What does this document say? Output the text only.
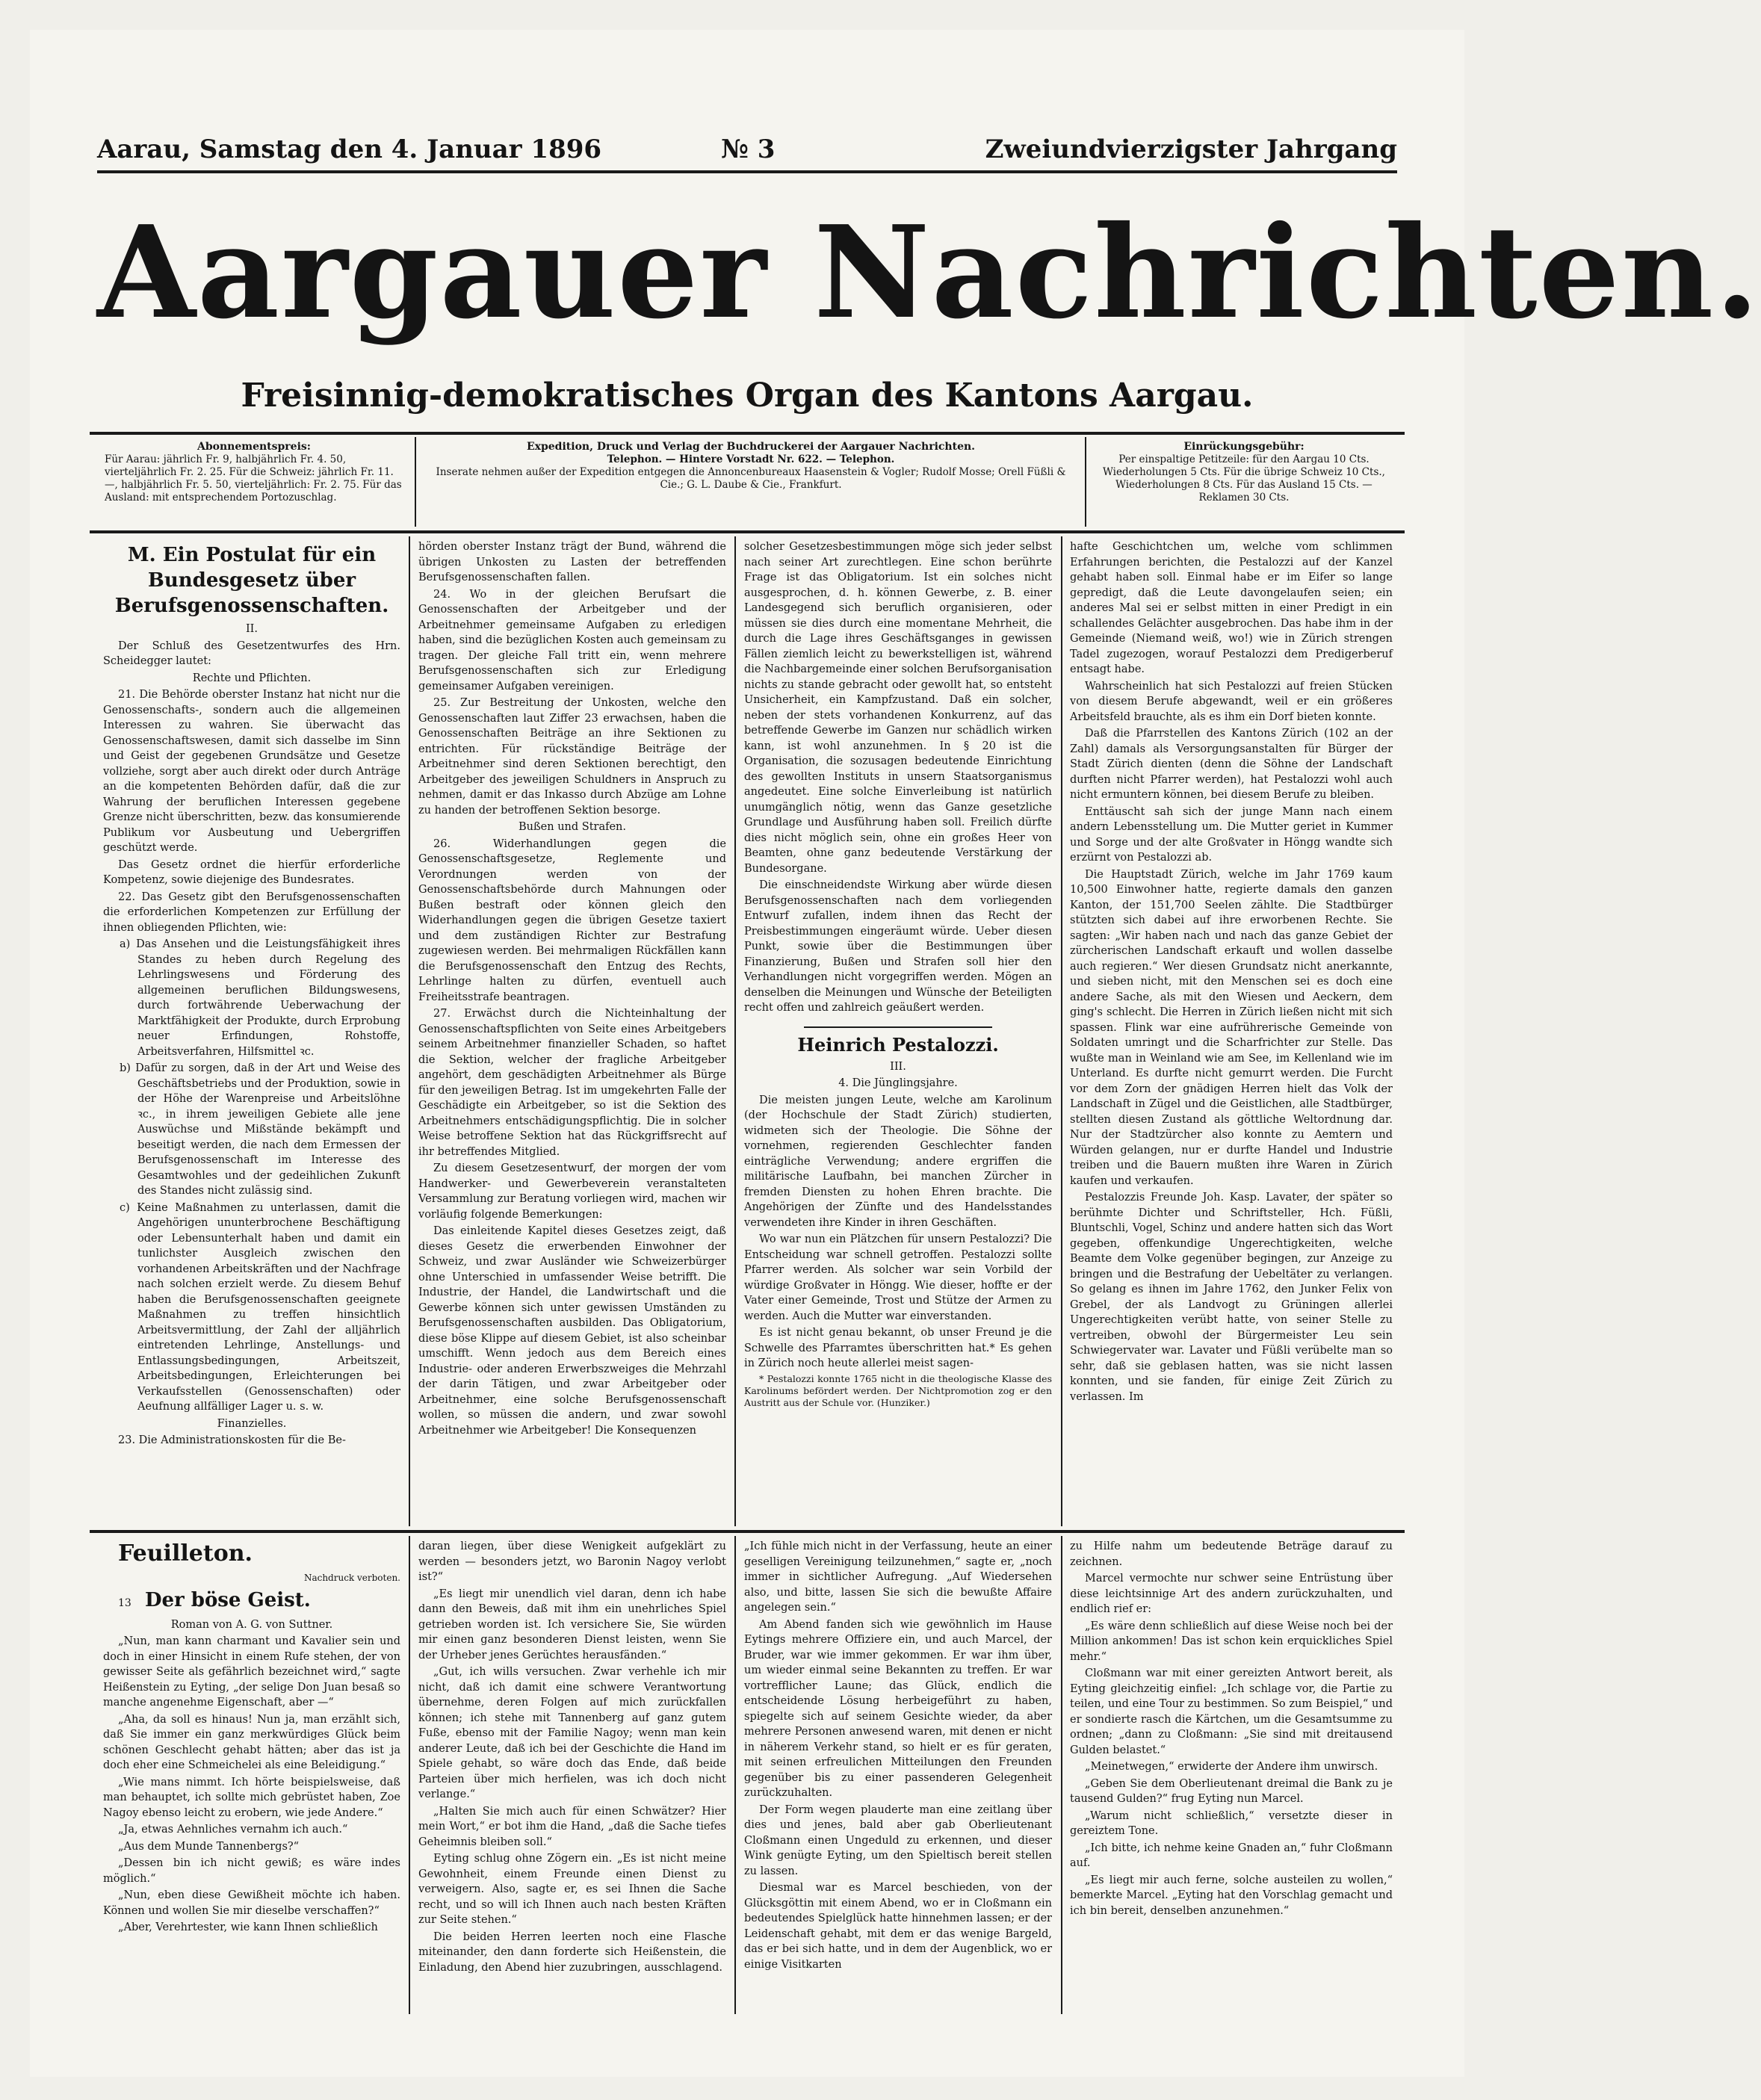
Aarau, Samstag den 4. Januar 1896	№ 3	Zweiundvierzigster Jahrgang
Aargauer Nachrichten.
Freisinnig-demokratisches Organ des Kantons Aargau.
Abonnementspreis:
Für Aarau: jährlich Fr. 9, halbjährlich Fr. 4. 50, vierteljährlich Fr. 2. 25. Für die Schweiz: jährlich Fr. 11. —, halbjährlich Fr. 5. 50, vierteljährlich: Fr. 2. 75. Für das Ausland: mit entsprechendem Portozuschlag.
Expedition, Druck und Verlag der Buchdruckerei der Aargauer Nachrichten.
Telephon. — Hintere Vorstadt Nr. 622. — Telephon.
Inserate nehmen außer der Expedition entgegen die Annoncenbureaux Haasenstein & Vogler; Rudolf Mosse; Orell Füßli & Cie.; G. L. Daube & Cie., Frankfurt.
Einrückungsgebühr:
Per einspaltige Petitzeile: für den Aargau 10 Cts. Wiederholungen 5 Cts. Für die übrige Schweiz 10 Cts., Wiederholungen 8 Cts. Für das Ausland 15 Cts. — Reklamen 30 Cts.

M. Ein Postulat für ein Bundesgesetz über Berufsgenossenschaften.

II.

Der Schluß des Gesetzentwurfes des Hrn. Scheidegger lautet:

Rechte und Pflichten.

21. Die Behörde oberster Instanz hat nicht nur die Genossenschafts-, sondern auch die allgemeinen Interessen zu wahren. Sie überwacht das Genossenschaftswesen, damit sich dasselbe im Sinn und Geist der gegebenen Grundsätze und Gesetze vollziehe, sorgt aber auch direkt oder durch Anträge an die kompetenten Behörden dafür, daß die zur Wahrung der beruflichen Interessen gegebene Grenze nicht überschritten, bezw. das konsumierende Publikum vor Ausbeutung und Uebergriffen geschützt werde.

Das Gesetz ordnet die hierfür erforderliche Kompetenz, sowie diejenige des Bundesrates.

22. Das Gesetz gibt den Berufsgenossenschaften die erforderlichen Kompetenzen zur Erfüllung der ihnen obliegenden Pflichten, wie:

a) Das Ansehen und die Leistungsfähigkeit ihres Standes zu heben durch Regelung des Lehrlingswesens und Förderung des allgemeinen beruflichen Bildungswesens, durch fortwährende Ueberwachung der Marktfähigkeit der Produkte, durch Erprobung neuer Erfindungen, Rohstoffe, Arbeitsverfahren, Hilfsmittel ꝛc.

b) Dafür zu sorgen, daß in der Art und Weise des Geschäftsbetriebs und der Produktion, sowie in der Höhe der Warenpreise und Arbeitslöhne ꝛc., in ihrem jeweiligen Gebiete alle jene Auswüchse und Mißstände bekämpft und beseitigt werden, die nach dem Ermessen der Berufsgenossenschaft im Interesse des Gesamtwohles und der gedeihlichen Zukunft des Standes nicht zulässig sind.

c) Keine Maßnahmen zu unterlassen, damit die Angehörigen ununterbrochene Beschäftigung oder Lebensunterhalt haben und damit ein tunlichster Ausgleich zwischen den vorhandenen Arbeitskräften und der Nachfrage nach solchen erzielt werde. Zu diesem Behuf haben die Berufsgenossenschaften geeignete Maßnahmen zu treffen hinsichtlich Arbeitsvermittlung, der Zahl der alljährlich eintretenden Lehrlinge, Anstellungs- und Entlassungsbedingungen, Arbeitszeit, Arbeitsbedingungen, Erleichterungen bei Verkaufsstellen (Genossenschaften) oder Aeufnung allfälliger Lager u. s. w.

Finanzielles.

23. Die Administrationskosten für die Be-

hörden oberster Instanz trägt der Bund, während die übrigen Unkosten zu Lasten der betreffenden Berufsgenossenschaften fallen.

24. Wo in der gleichen Berufsart die Genossenschaften der Arbeitgeber und der Arbeitnehmer gemeinsame Aufgaben zu erledigen haben, sind die bezüglichen Kosten auch gemeinsam zu tragen. Der gleiche Fall tritt ein, wenn mehrere Berufsgenossenschaften sich zur Erledigung gemeinsamer Aufgaben vereinigen.

25. Zur Bestreitung der Unkosten, welche den Genossenschaften laut Ziffer 23 erwachsen, haben die Genossenschaften Beiträge an ihre Sektionen zu entrichten. Für rückständige Beiträge der Arbeitnehmer sind deren Sektionen berechtigt, den Arbeitgeber des jeweiligen Schuldners in Anspruch zu nehmen, damit er das Inkasso durch Abzüge am Lohne zu handen der betroffenen Sektion besorge.

Bußen und Strafen.

26. Widerhandlungen gegen die Genossenschaftsgesetze, Reglemente und Verordnungen werden von der Genossenschaftsbehörde durch Mahnungen oder Bußen bestraft oder können gleich den Widerhandlungen gegen die übrigen Gesetze taxiert und dem zuständigen Richter zur Bestrafung zugewiesen werden. Bei mehrmaligen Rückfällen kann die Berufsgenossenschaft den Entzug des Rechts, Lehrlinge halten zu dürfen, eventuell auch Freiheitsstrafe beantragen.

27. Erwächst durch die Nichteinhaltung der Genossenschaftspflichten von Seite eines Arbeitgebers seinem Arbeitnehmer finanzieller Schaden, so haftet die Sektion, welcher der fragliche Arbeitgeber angehört, dem geschädigten Arbeitnehmer als Bürge für den jeweiligen Betrag. Ist im umgekehrten Falle der Geschädigte ein Arbeitgeber, so ist die Sektion des Arbeitnehmers entschädigungspflichtig. Die in solcher Weise betroffene Sektion hat das Rückgriffsrecht auf ihr betreffendes Mitglied.

Zu diesem Gesetzesentwurf, der morgen der vom Handwerker- und Gewerbeverein veranstalteten Versammlung zur Beratung vorliegen wird, machen wir vorläufig folgende Bemerkungen:

Das einleitende Kapitel dieses Gesetzes zeigt, daß dieses Gesetz die erwerbenden Einwohner der Schweiz, und zwar Ausländer wie Schweizerbürger ohne Unterschied in umfassender Weise betrifft. Die Industrie, der Handel, die Landwirtschaft und die Gewerbe können sich unter gewissen Umständen zu Berufsgenossenschaften ausbilden. Das Obligatorium, diese böse Klippe auf diesem Gebiet, ist also scheinbar umschifft. Wenn jedoch aus dem Bereich eines Industrie- oder anderen Erwerbszweiges die Mehrzahl der darin Tätigen, und zwar Arbeitgeber oder Arbeitnehmer, eine solche Berufsgenossenschaft wollen, so müssen die andern, und zwar sowohl Arbeitnehmer wie Arbeitgeber! Die Konsequenzen

solcher Gesetzesbestimmungen möge sich jeder selbst nach seiner Art zurechtlegen. Eine schon berührte Frage ist das Obligatorium. Ist ein solches nicht ausgesprochen, d. h. können Gewerbe, z. B. einer Landesgegend sich beruflich organisieren, oder müssen sie dies durch eine momentane Mehrheit, die durch die Lage ihres Geschäftsganges in gewissen Fällen ziemlich leicht zu bewerkstelligen ist, während die Nachbargemeinde einer solchen Berufsorganisation nichts zu stande gebracht oder gewollt hat, so entsteht Unsicherheit, ein Kampfzustand. Daß ein solcher, neben der stets vorhandenen Konkurrenz, auf das betreffende Gewerbe im Ganzen nur schädlich wirken kann, ist wohl anzunehmen. In § 20 ist die Organisation, die sozusagen bedeutende Einrichtung des gewollten Instituts in unsern Staatsorganismus angedeutet. Eine solche Einverleibung ist natürlich unumgänglich nötig, wenn das Ganze gesetzliche Grundlage und Ausführung haben soll. Freilich dürfte dies nicht möglich sein, ohne ein großes Heer von Beamten, ohne ganz bedeutende Verstärkung der Bundesorgane.

Die einschneidendste Wirkung aber würde diesen Berufsgenossenschaften nach dem vorliegenden Entwurf zufallen, indem ihnen das Recht der Preisbestimmungen eingeräumt würde. Ueber diesen Punkt, sowie über die Bestimmungen über Finanzierung, Bußen und Strafen soll hier den Verhandlungen nicht vorgegriffen werden. Mögen an denselben die Meinungen und Wünsche der Beteiligten recht offen und zahlreich geäußert werden.

Heinrich Pestalozzi.

III.

4. Die Jünglingsjahre.

Die meisten jungen Leute, welche am Karolinum (der Hochschule der Stadt Zürich) studierten, widmeten sich der Theologie. Die Söhne der vornehmen, regierenden Geschlechter fanden einträgliche Verwendung; andere ergriffen die militärische Laufbahn, bei manchen Zürcher in fremden Diensten zu hohen Ehren brachte. Die Angehörigen der Zünfte und des Handelsstandes verwendeten ihre Kinder in ihren Geschäften.

Wo war nun ein Plätzchen für unsern Pestalozzi? Die Entscheidung war schnell getroffen. Pestalozzi sollte Pfarrer werden. Als solcher war sein Vorbild der würdige Großvater in Höngg. Wie dieser, hoffte er der Vater einer Gemeinde, Trost und Stütze der Armen zu werden. Auch die Mutter war einverstanden.

Es ist nicht genau bekannt, ob unser Freund je die Schwelle des Pfarramtes überschritten hat.* Es gehen in Zürich noch heute allerlei meist sagen-

* Pestalozzi konnte 1765 nicht in die theologische Klasse des Karolinums befördert werden. Der Nichtpromotion zog er den Austritt aus der Schule vor. (Hunziker.)

hafte Geschichtchen um, welche vom schlimmen Erfahrungen berichten, die Pestalozzi auf der Kanzel gehabt haben soll. Einmal habe er im Eifer so lange gepredigt, daß die Leute davongelaufen seien; ein anderes Mal sei er selbst mitten in einer Predigt in ein schallendes Gelächter ausgebrochen. Das habe ihm in der Gemeinde (Niemand weiß, wo!) wie in Zürich strengen Tadel zugezogen, worauf Pestalozzi dem Predigerberuf entsagt habe.

Wahrscheinlich hat sich Pestalozzi auf freien Stücken von diesem Berufe abgewandt, weil er ein größeres Arbeitsfeld brauchte, als es ihm ein Dorf bieten konnte.

Daß die Pfarrstellen des Kantons Zürich (102 an der Zahl) damals als Versorgungsanstalten für Bürger der Stadt Zürich dienten (denn die Söhne der Landschaft durften nicht Pfarrer werden), hat Pestalozzi wohl auch nicht ermuntern können, bei diesem Berufe zu bleiben.

Enttäuscht sah sich der junge Mann nach einem andern Lebensstellung um. Die Mutter geriet in Kummer und Sorge und der alte Großvater in Höngg wandte sich erzürnt von Pestalozzi ab.

Die Hauptstadt Zürich, welche im Jahr 1769 kaum 10,500 Einwohner hatte, regierte damals den ganzen Kanton, der 151,700 Seelen zählte. Die Stadtbürger stützten sich dabei auf ihre erworbenen Rechte. Sie sagten: „Wir haben nach und nach das ganze Gebiet der zürcherischen Landschaft erkauft und wollen dasselbe auch regieren.“ Wer diesen Grundsatz nicht anerkannte, und sieben nicht, mit den Menschen sei es doch eine andere Sache, als mit den Wiesen und Aeckern, dem ging's schlecht. Die Herren in Zürich ließen nicht mit sich spassen. Flink war eine aufrührerische Gemeinde von Soldaten umringt und die Scharfrichter zur Stelle. Das wußte man in Weinland wie am See, im Kellenland wie im Unterland. Es durfte nicht gemurrt werden. Die Furcht vor dem Zorn der gnädigen Herren hielt das Volk der Landschaft in Zügel und die Geistlichen, alle Stadtbürger, stellten diesen Zustand als göttliche Weltordnung dar. Nur der Stadtzürcher also konnte zu Aemtern und Würden gelangen, nur er durfte Handel und Industrie treiben und die Bauern mußten ihre Waren in Zürich kaufen und verkaufen.

Pestalozzis Freunde Joh. Kasp. Lavater, der später so berühmte Dichter und Schriftsteller, Hch. Füßli, Bluntschli, Vogel, Schinz und andere hatten sich das Wort gegeben, offenkundige Ungerechtigkeiten, welche Beamte dem Volke gegenüber begingen, zur Anzeige zu bringen und die Bestrafung der Uebeltäter zu verlangen. So gelang es ihnen im Jahre 1762, den Junker Felix von Grebel, der als Landvogt zu Grüningen allerlei Ungerechtigkeiten verübt hatte, von seiner Stelle zu vertreiben, obwohl der Bürgermeister Leu sein Schwiegervater war. Lavater und Füßli verübelte man so sehr, daß sie geblasen hatten, was sie nicht lassen konnten, und sie fanden, für einige Zeit Zürich zu verlassen. Im

Feuilleton.

Nachdruck verboten.

13 Der böse Geist.

Roman von A. G. von Suttner.

„Nun, man kann charmant und Kavalier sein und doch in einer Hinsicht in einem Rufe stehen, der von gewisser Seite als gefährlich bezeichnet wird,“ sagte Heißenstein zu Eyting, „der selige Don Juan besaß so manche angenehme Eigenschaft, aber —“

„Aha, da soll es hinaus! Nun ja, man erzählt sich, daß Sie immer ein ganz merkwürdiges Glück beim schönen Geschlecht gehabt hätten; aber das ist ja doch eher eine Schmeichelei als eine Beleidigung.“

„Wie mans nimmt. Ich hörte beispielsweise, daß man behauptet, ich sollte mich gebrüstet haben, Zoe Nagoy ebenso leicht zu erobern, wie jede Andere.“

„Ja, etwas Aehnliches vernahm ich auch.“

„Aus dem Munde Tannenbergs?“

„Dessen bin ich nicht gewiß; es wäre indes möglich.“

„Nun, eben diese Gewißheit möchte ich haben. Können und wollen Sie mir dieselbe verschaffen?“

„Aber, Verehrtester, wie kann Ihnen schließlich

daran liegen, über diese Wenigkeit aufgeklärt zu werden — besonders jetzt, wo Baronin Nagoy verlobt ist?“

„Es liegt mir unendlich viel daran, denn ich habe dann den Beweis, daß mit ihm ein unehrliches Spiel getrieben worden ist. Ich versichere Sie, Sie würden mir einen ganz besonderen Dienst leisten, wenn Sie der Urheber jenes Gerüchtes herausfänden.“

„Gut, ich wills versuchen. Zwar verhehle ich mir nicht, daß ich damit eine schwere Verantwortung übernehme, deren Folgen auf mich zurückfallen können; ich stehe mit Tannenberg auf ganz gutem Fuße, ebenso mit der Familie Nagoy; wenn man kein anderer Leute, daß ich bei der Geschichte die Hand im Spiele gehabt, so wäre doch das Ende, daß beide Parteien über mich herfielen, was ich doch nicht verlange.“

„Halten Sie mich auch für einen Schwätzer? Hier mein Wort,“ er bot ihm die Hand, „daß die Sache tiefes Geheimnis bleiben soll.“

Eyting schlug ohne Zögern ein. „Es ist nicht meine Gewohnheit, einem Freunde einen Dienst zu verweigern. Also, sagte er, es sei Ihnen die Sache recht, und so will ich Ihnen auch nach besten Kräften zur Seite stehen.“

Die beiden Herren leerten noch eine Flasche miteinander, den dann forderte sich Heißenstein, die Einladung, den Abend hier zuzubringen, ausschlagend.

„Ich fühle mich nicht in der Verfassung, heute an einer geselligen Vereinigung teilzunehmen,“ sagte er, „noch immer in sichtlicher Aufregung. „Auf Wiedersehen also, und bitte, lassen Sie sich die bewußte Affaire angelegen sein.“

Am Abend fanden sich wie gewöhnlich im Hause Eytings mehrere Offiziere ein, und auch Marcel, der Bruder, war wie immer gekommen. Er war ihm über, um wieder einmal seine Bekannten zu treffen. Er war vortrefflicher Laune; das Glück, endlich die entscheidende Lösung herbeigeführt zu haben, spiegelte sich auf seinem Gesichte wieder, da aber mehrere Personen anwesend waren, mit denen er nicht in näherem Verkehr stand, so hielt er es für geraten, mit seinen erfreulichen Mitteilungen den Freunden gegenüber bis zu einer passenderen Gelegenheit zurückzuhalten.

Der Form wegen plauderte man eine zeitlang über dies und jenes, bald aber gab Oberlieutenant Cloßmann einen Ungeduld zu erkennen, und dieser Wink genügte Eyting, um den Spieltisch bereit stellen zu lassen.

Diesmal war es Marcel beschieden, von der Glücksgöttin mit einem Abend, wo er in Cloßmann ein bedeutendes Spielglück hatte hinnehmen lassen; er der Leidenschaft gehabt, mit dem er das wenige Bargeld, das er bei sich hatte, und in dem der Augenblick, wo er einige Visitkarten

zu Hilfe nahm um bedeutende Beträge darauf zu zeichnen.

Marcel vermochte nur schwer seine Entrüstung über diese leichtsinnige Art des andern zurückzuhalten, und endlich rief er:

„Es wäre denn schließlich auf diese Weise noch bei der Million ankommen! Das ist schon kein erquickliches Spiel mehr.“

Cloßmann war mit einer gereizten Antwort bereit, als Eyting gleichzeitig einfiel: „Ich schlage vor, die Partie zu teilen, und eine Tour zu bestimmen. So zum Beispiel,“ und er sondierte rasch die Kärtchen, um die Gesamtsumme zu ordnen; „dann zu Cloßmann: „Sie sind mit dreitausend Gulden belastet.“

„Meinetwegen,“ erwiderte der Andere ihm unwirsch.

„Geben Sie dem Oberlieutenant dreimal die Bank zu je tausend Gulden?“ frug Eyting nun Marcel.

„Warum nicht schließlich,“ versetzte dieser in gereiztem Tone.

„Ich bitte, ich nehme keine Gnaden an,“ fuhr Cloßmann auf.

„Es liegt mir auch ferne, solche austeilen zu wollen,“ bemerkte Marcel. „Eyting hat den Vorschlag gemacht und ich bin bereit, denselben anzunehmen.“
